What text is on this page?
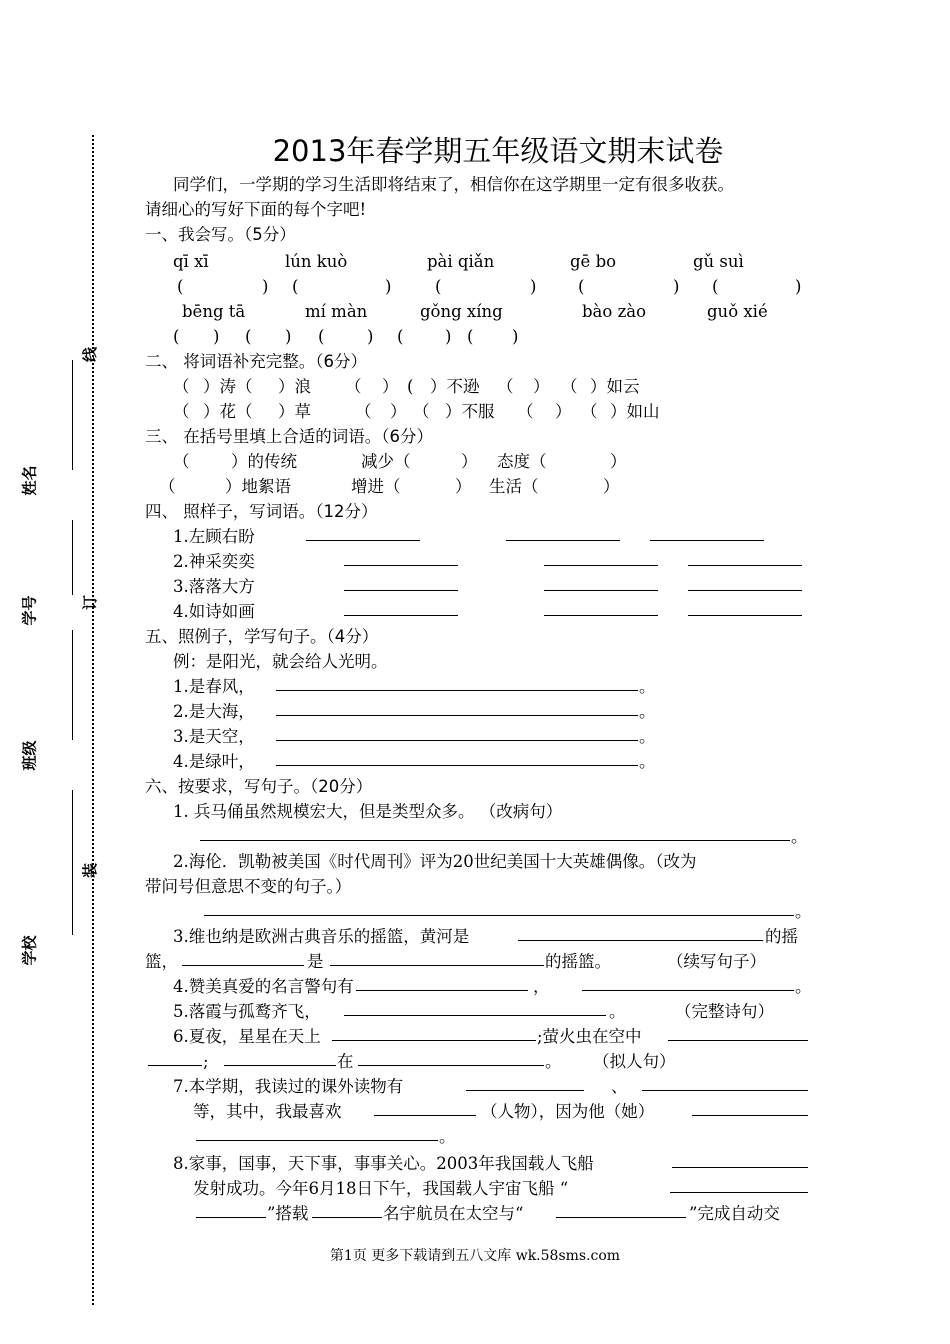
姓名
学号
班级
学校
线
订
装
2013年春学期五年级语文期末试卷
同学们，一学期的学习生活即将结束了，相信你在这学期里一定有很多收获。
请细心的写好下面的每个字吧!
一、我会写。（5分）
qī xī	lún kuò	pài qiǎn	gē bo	gǔ suì
(	) (	)	(	)	(	) (	)
bēng tā	mí màn	gǒng xíng	bào zào	guǒ xié
( ) ( ) (	) (	) ( )
二、 将词语补充完整。（6分）
（ ）涛（ ）浪 （ ） ( ）不逊 （ ） （ ）如云
（ ）花（ ）草	（ ） （ ）不服 （ ） （ ）如山
三、 在括号里填上合适的词语。（6分）
（	）的传统	减少（	） 态度（	）
（	）地絮语	增进（	） 生活（	）
四、 照样子，写词语。（12分）
1.左顾右盼
2.神采奕奕
3.落落大方
4.如诗如画
五、照例子，学写句子。（4分）
例：是阳光，就会给人光明。
1.是春风，	。
2.是大海，	。
3.是天空，	。
4.是绿叶，	。
六、按要求，写句子。（20分）
1. 兵马俑虽然规模宏大，但是类型众多。 （改病句）
。
2.海伦．凯勒被美国《时代周刊》评为20世纪美国十大英雄偶像。（改为
带问号但意思不变的句子。）
。
3.维也纳是欧洲古典音乐的摇篮，黄河是	的摇
篮，	是	的摇篮。	（续写句子）
4.赞美真爱的名言警句有	，	。
5.落霞与孤鹜齐飞，	。	（完整诗句）
6.夏夜，星星在天上	;萤火虫在空中
;	在	。 （拟人句）
7.本学期，我读过的课外读物有	、
等，其中，我最喜欢	（人物），因为他（她）
。
8.家事，国事，天下事，事事关心。2003年我国载人飞船
发射成功。今年6月18日下午，我国载人宇宙飞船 “
”搭载	名宇航员在太空与“	”完成自动交
第1页 更多下载请到五八文库 wk.58sms.com
